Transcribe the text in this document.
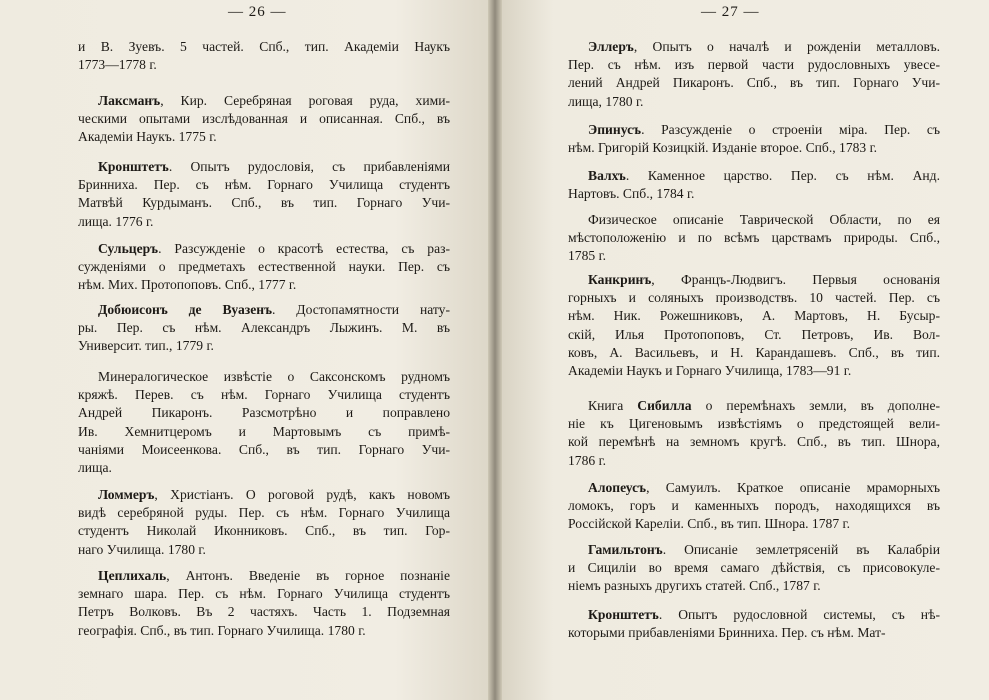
— 26 —
и В. Зуевъ. 5 частей. Спб., тип. Академiи Наукъ
1773—1778 г.
Лаксманъ, Кир. Серебряная роговая руда, хими-
ческими опытами изслѣдованная и описанная. Спб., въ
Академiи Наукъ. 1775 г.
Кронштетъ. Опытъ рудословiя, съ прибавленiями
Бринниха. Пер. съ нѣм. Горнаго Училища студентъ
Матвѣй Курдыманъ. Спб., въ тип. Горнаго Учи-
лища. 1776 г.
Сульцеръ. Разсужденiе о красотѣ естества, съ раз-
сужденiями о предметахъ естественной науки. Пер. съ
нѣм. Мих. Протопоповъ. Спб., 1777 г.
Добюисонъ де Вуазенъ. Достопамятности нату-
ры. Пер. съ нѣм. Александръ Лыжинъ. М. въ
Университ. тип., 1779 г.
Минералогическое извѣстiе о Саксонскомъ рудномъ
кряжѣ. Перев. съ нѣм. Горнаго Училища студентъ
Андрей Пикаронъ. Разсмотрѣно и поправлено
Ив. Хемнитцеромъ и Мартовымъ съ примѣ-
чанiями Моисеенкова. Спб., въ тип. Горнаго Учи-
лища.
Ломмеръ, Христiанъ. О роговой рудѣ, какъ новомъ
видѣ серебряной руды. Пер. съ нѣм. Горнаго Училища
студентъ Николай Иконниковъ. Спб., въ тип. Гор-
наго Училища. 1780 г.
Цеплихаль, Антонъ. Введенiе въ горное познанiе
земнаго шара. Пер. съ нѣм. Горнаго Училища студентъ
Петръ Волковъ. Въ 2 частяхъ. Часть 1. Подземная
географiя. Спб., въ тип. Горнаго Училища. 1780 г.
— 27 —
Эллеръ, Опытъ о началѣ и рожденiи металловъ.
Пер. съ нѣм. изъ первой части рудословныхъ увесе-
лений Андрей Пикаронъ. Спб., въ тип. Горнаго Учи-
лища, 1780 г.
Эпинусъ. Разсужденiе о строенiи мiра. Пер. съ
нѣм. Григорiй Козицкiй. Изданiе второе. Спб., 1783 г.
Валхъ. Каменное царство. Пер. съ нѣм. Анд.
Нартовъ. Спб., 1784 г.
Физическое описанiе Таврической Области, по ея
мѣстоположенiю и по всѣмъ царствамъ природы. Спб.,
1785 г.
Канкринъ, Францъ-Людвигъ. Первыя основанiя
горныхъ и соляныхъ производствъ. 10 частей. Пер. съ
нѣм. Ник. Рожешниковъ, А. Мартовъ, Н. Бусыр-
скiй, Илья Протопоповъ, Ст. Петровъ, Ив. Вол-
ковъ, А. Васильевъ, и Н. Карандашевъ. Спб., въ тип.
Академiи Наукъ и Горнаго Училища, 1783—91 г.
Книга Сибилла о перемѣнахъ земли, въ дополне-
нiе къ Цигеновымъ извѣстiямъ о предстоящей вели-
кой перемѣнѣ на земномъ кругѣ. Спб., въ тип. Шнора,
1786 г.
Алопеусъ, Самуилъ. Краткое описанiе мраморныхъ
ломокъ, горъ и каменныхъ породъ, находящихся въ
Россiйской Карелiи. Спб., въ тип. Шнора. 1787 г.
Гамильтонъ. Описанiе землетрясенiй въ Калабрiи
и Сицилiи во время самаго дѣйствiя, съ присовокуле-
нiемъ разныхъ другихъ статей. Спб., 1787 г.
Кронштетъ. Опытъ рудословной системы, съ нѣ-
которыми прибавленiями Бринниха. Пер. съ нѣм. Мат-
